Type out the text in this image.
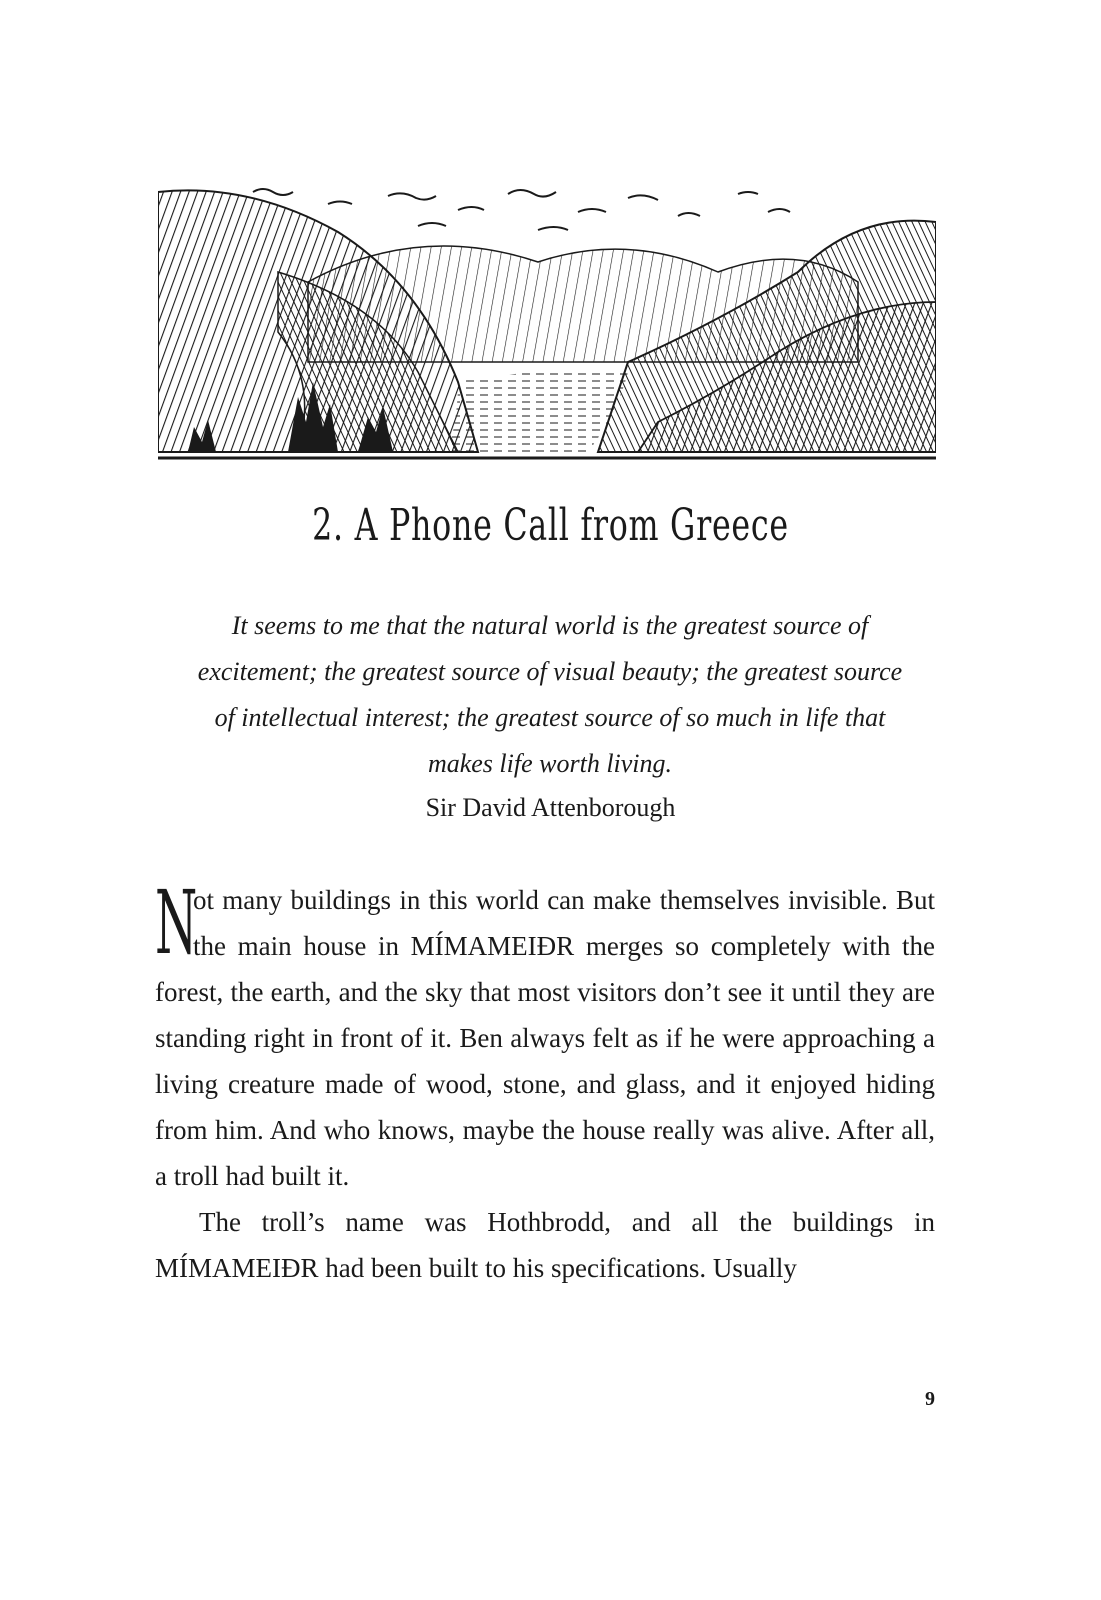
2. A Phone Call from Greece

It seems to me that the natural world is the greatest source of

excitement; the greatest source of visual beauty; the greatest source

of intellectual interest; the greatest source of so much in life that

makes life worth living.

Sir David Attenborough

N
ot many buildings in this world can make themselves invisible. But the main house in MÍMAMEIÐR merges so completely with the forest, the earth, and the sky that most visitors don’t see it until they are standing right in front of it. Ben always felt as if he were approaching a living creature made of wood, stone, and glass, and it enjoyed hiding from him. And who knows, maybe the house really was alive. After all, a troll had built it.

The troll’s name was Hothbrodd, and all the buildings in MÍMAMEIÐR had been built to his specifications. Usually

9
